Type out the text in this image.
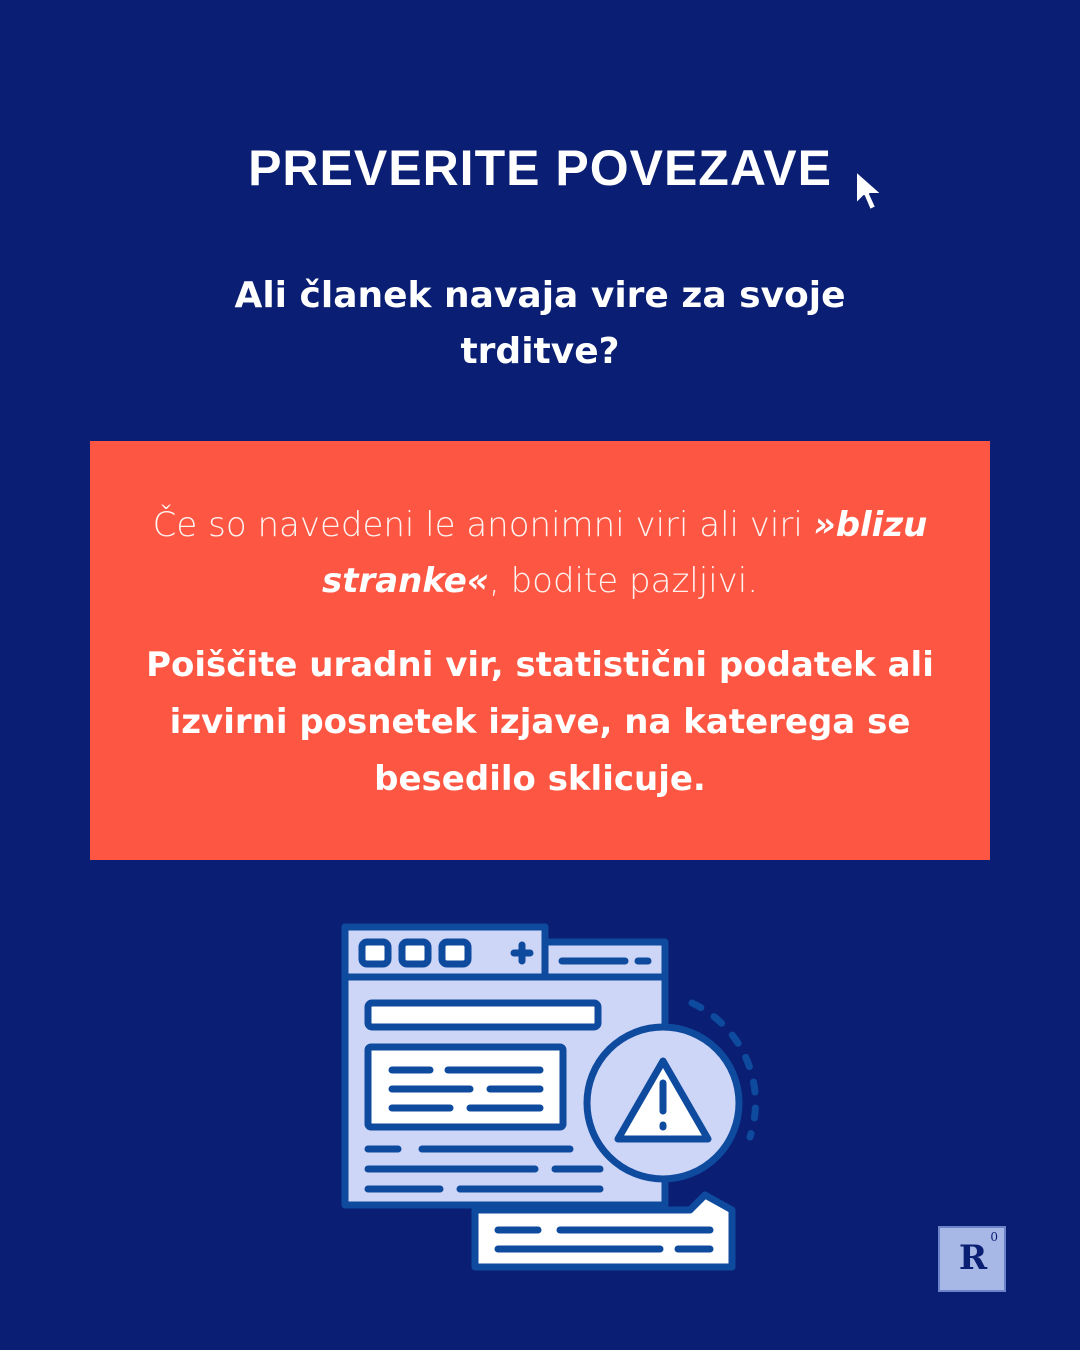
PREVERITE POVEZAVE
Ali članek navaja vire za svoje trditve?

Če so navedeni le anonimni viri ali viri »blizu stranke«, bodite pazljivi.

Poiščite uradni vir, statistični podatek ali izvirni posnetek izjave, na katerega se besedilo sklicuje.

R
0
